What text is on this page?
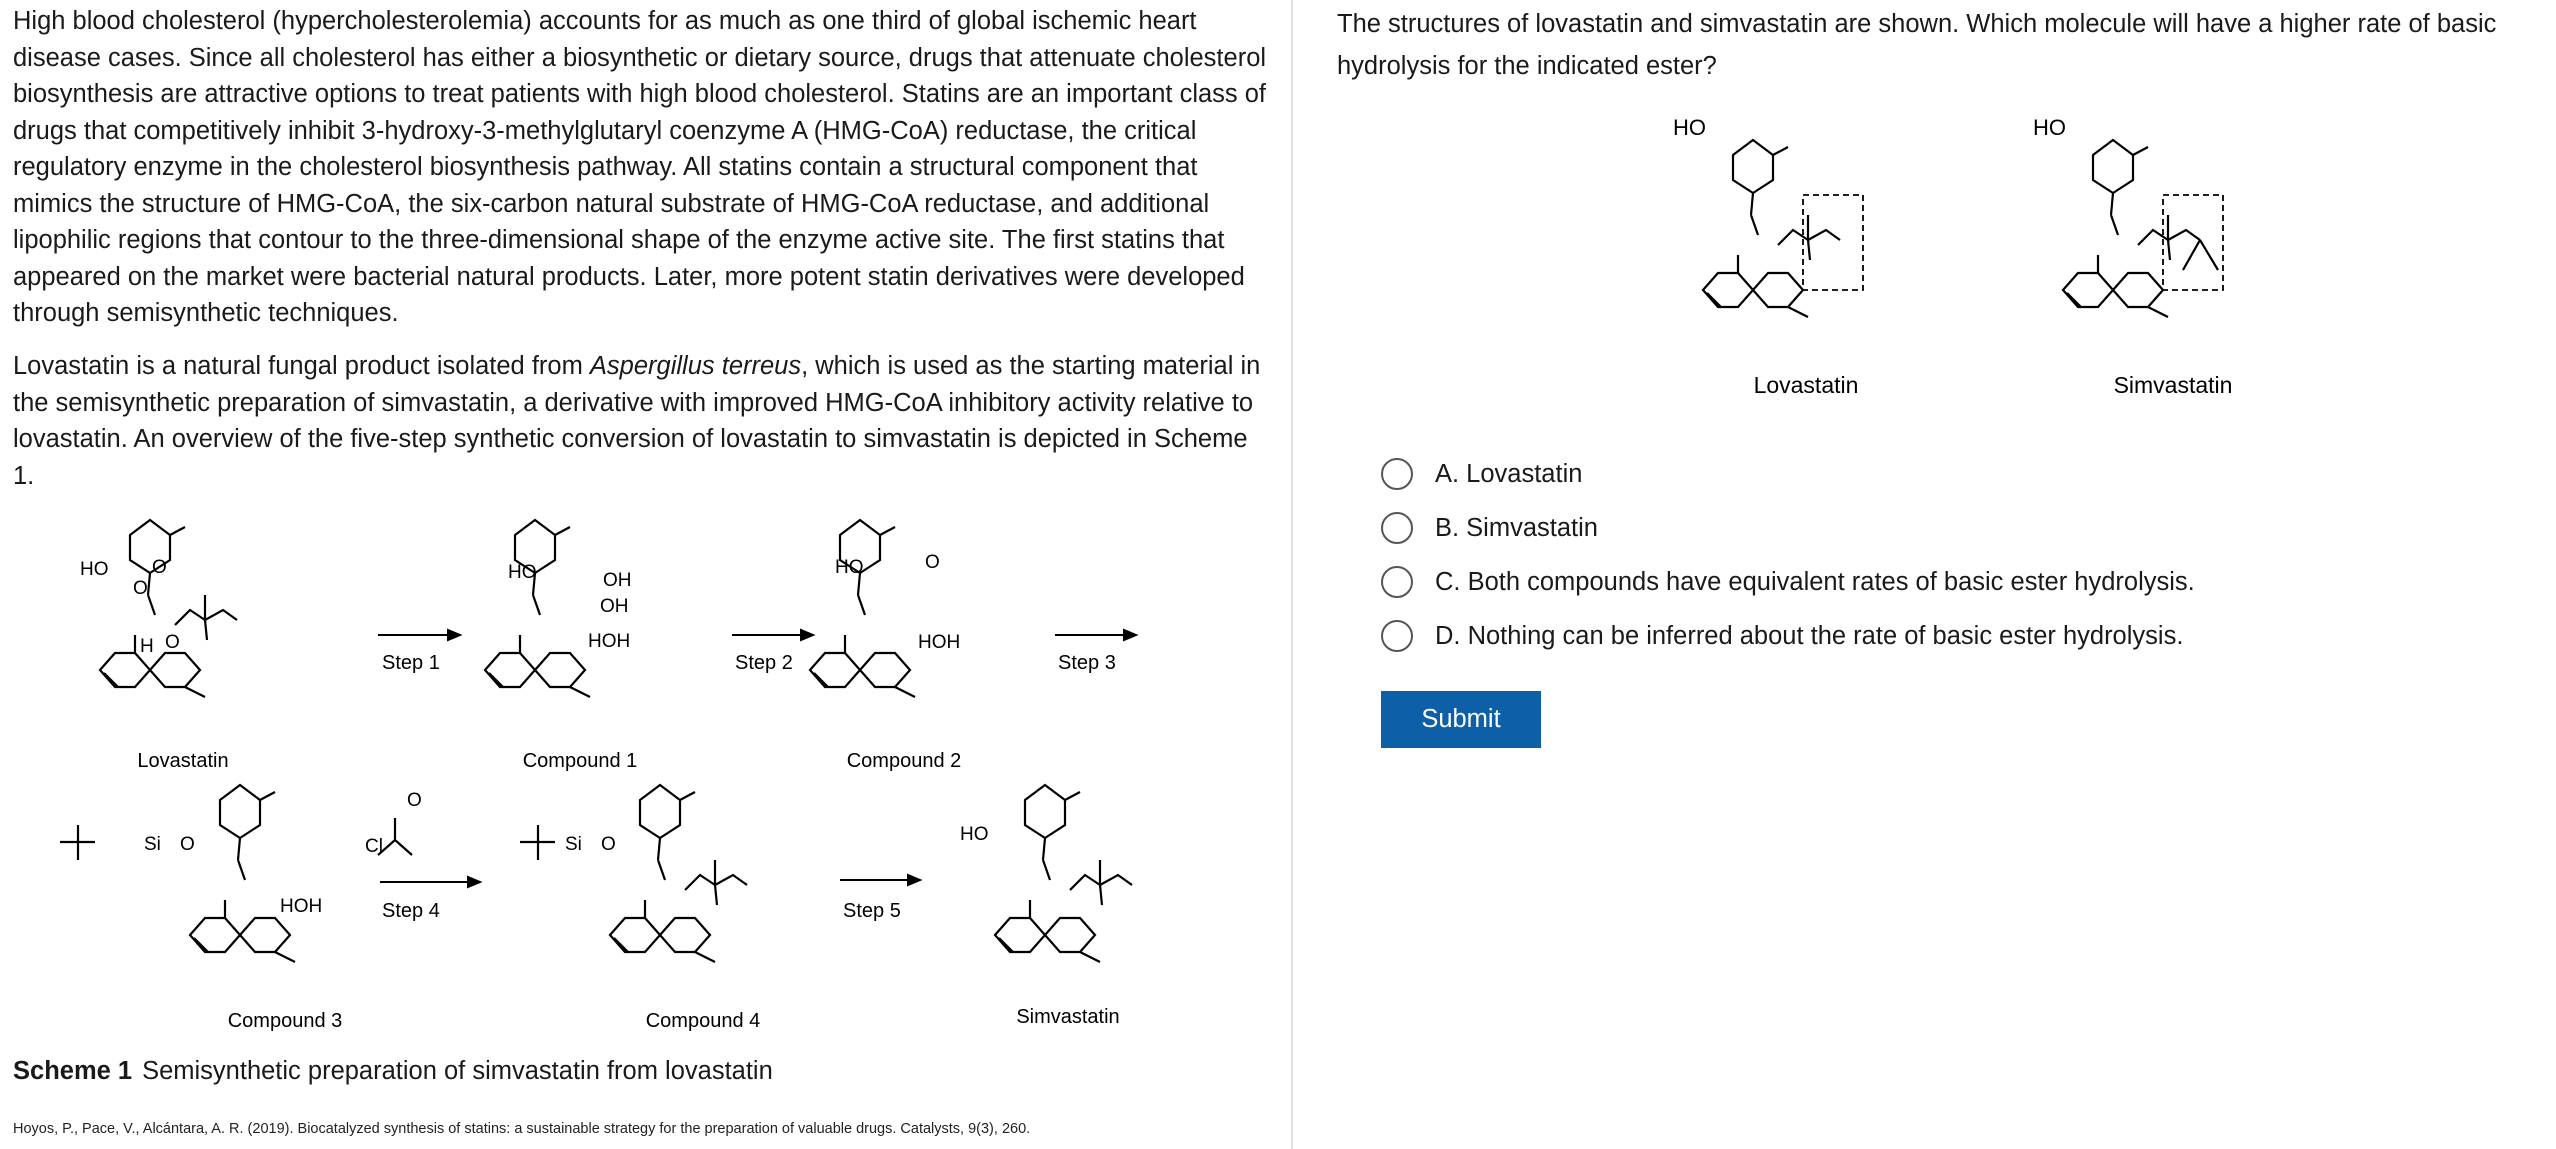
High blood cholesterol (hypercholesterolemia) accounts for as much as one third of global ischemic heart disease cases. Since all cholesterol has either a biosynthetic or dietary source, drugs that attenuate cholesterol biosynthesis are attractive options to treat patients with high blood cholesterol. Statins are an important class of drugs that competitively inhibit 3-hydroxy-3-methylglutaryl coenzyme A (HMG-CoA) reductase, the critical regulatory enzyme in the cholesterol biosynthesis pathway. All statins contain a structural component that mimics the structure of HMG-CoA, the six-carbon natural substrate of HMG-CoA reductase, and additional lipophilic regions that contour to the three-dimensional shape of the enzyme active site. The first statins that appeared on the market were bacterial natural products. Later, more potent statin derivatives were developed through semisynthetic techniques.

Lovastatin is a natural fungal product isolated from Aspergillus terreus, which is used as the starting material in the semisynthetic preparation of simvastatin, a derivative with improved HMG-CoA inhibitory activity relative to lovastatin. An overview of the five-step synthetic conversion of lovastatin to simvastatin is depicted in Scheme 1.

HO O
O
O
H
HO	OH
OH
HOH
HO	O
HOH
Step 1	Step 2	Step 3
Lovastatin	Compound 1	Compound 2
Si O
HOH
Cl
O
Si O	HO
Step 4	Step 5
Compound 3	Compound 4	Simvastatin
Scheme 1 Semisynthetic preparation of simvastatin from lovastatin
Hoyos, P., Pace, V., Alcántara, A. R. (2019). Biocatalyzed synthesis of statins: a sustainable strategy for the preparation of valuable drugs. Catalysts, 9(3), 260.

The structures of lovastatin and simvastatin are shown. Which molecule will have a higher rate of basic hydrolysis for the indicated ester?

HO	HO
Lovastatin	Simvastatin
A. Lovastatin
B. Simvastatin
C. Both compounds have equivalent rates of basic ester hydrolysis.
D. Nothing can be inferred about the rate of basic ester hydrolysis.
Submit
